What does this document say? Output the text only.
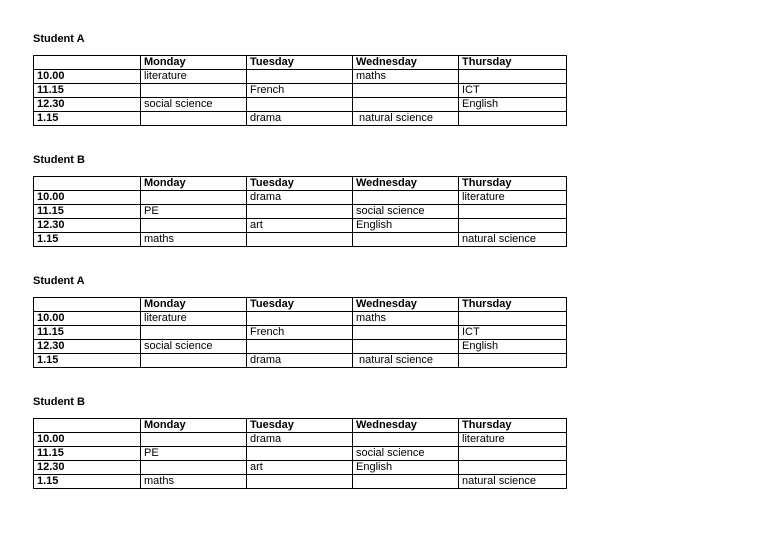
Student A
	Monday	Tuesday	Wednesday	Thursday
10.00	literature		maths	
11.15		French		ICT
12.30	social science			English
1.15		drama	natural science	
Student B
	Monday	Tuesday	Wednesday	Thursday
10.00		drama		literature
11.15	PE		social science	
12.30		art	English	
1.15	maths			natural science
Student A
	Monday	Tuesday	Wednesday	Thursday
10.00	literature		maths	
11.15		French		ICT
12.30	social science			English
1.15		drama	natural science	
Student B
	Monday	Tuesday	Wednesday	Thursday
10.00		drama		literature
11.15	PE		social science	
12.30		art	English	
1.15	maths			natural science
